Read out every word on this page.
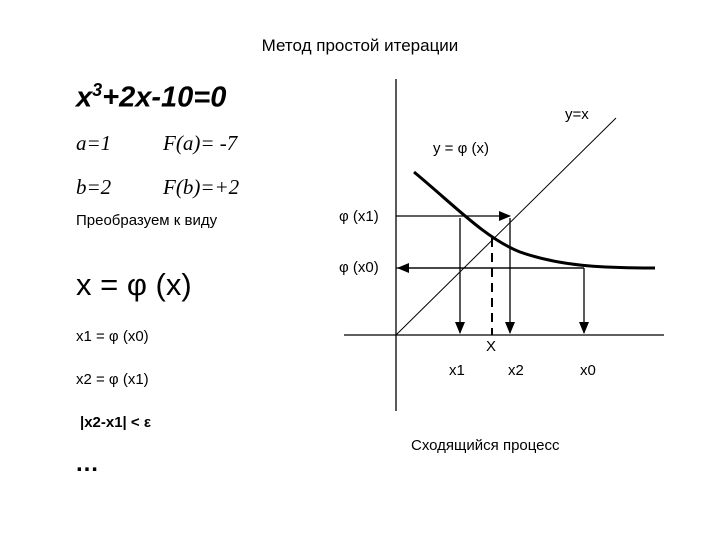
Метод простой итерации
$x^3+2x-10=0$
a=1 F(a)= -7
b=2 F(b)=+2
Преобразуем к виду
x = φ (x)
x1 = φ (x0)
x2 = φ (x1)
|x2-x1| < ε
…
y=x
y = φ (x)
φ (x1)
φ (x0)
X
x1	x2	x0
Сходящийся процесс
